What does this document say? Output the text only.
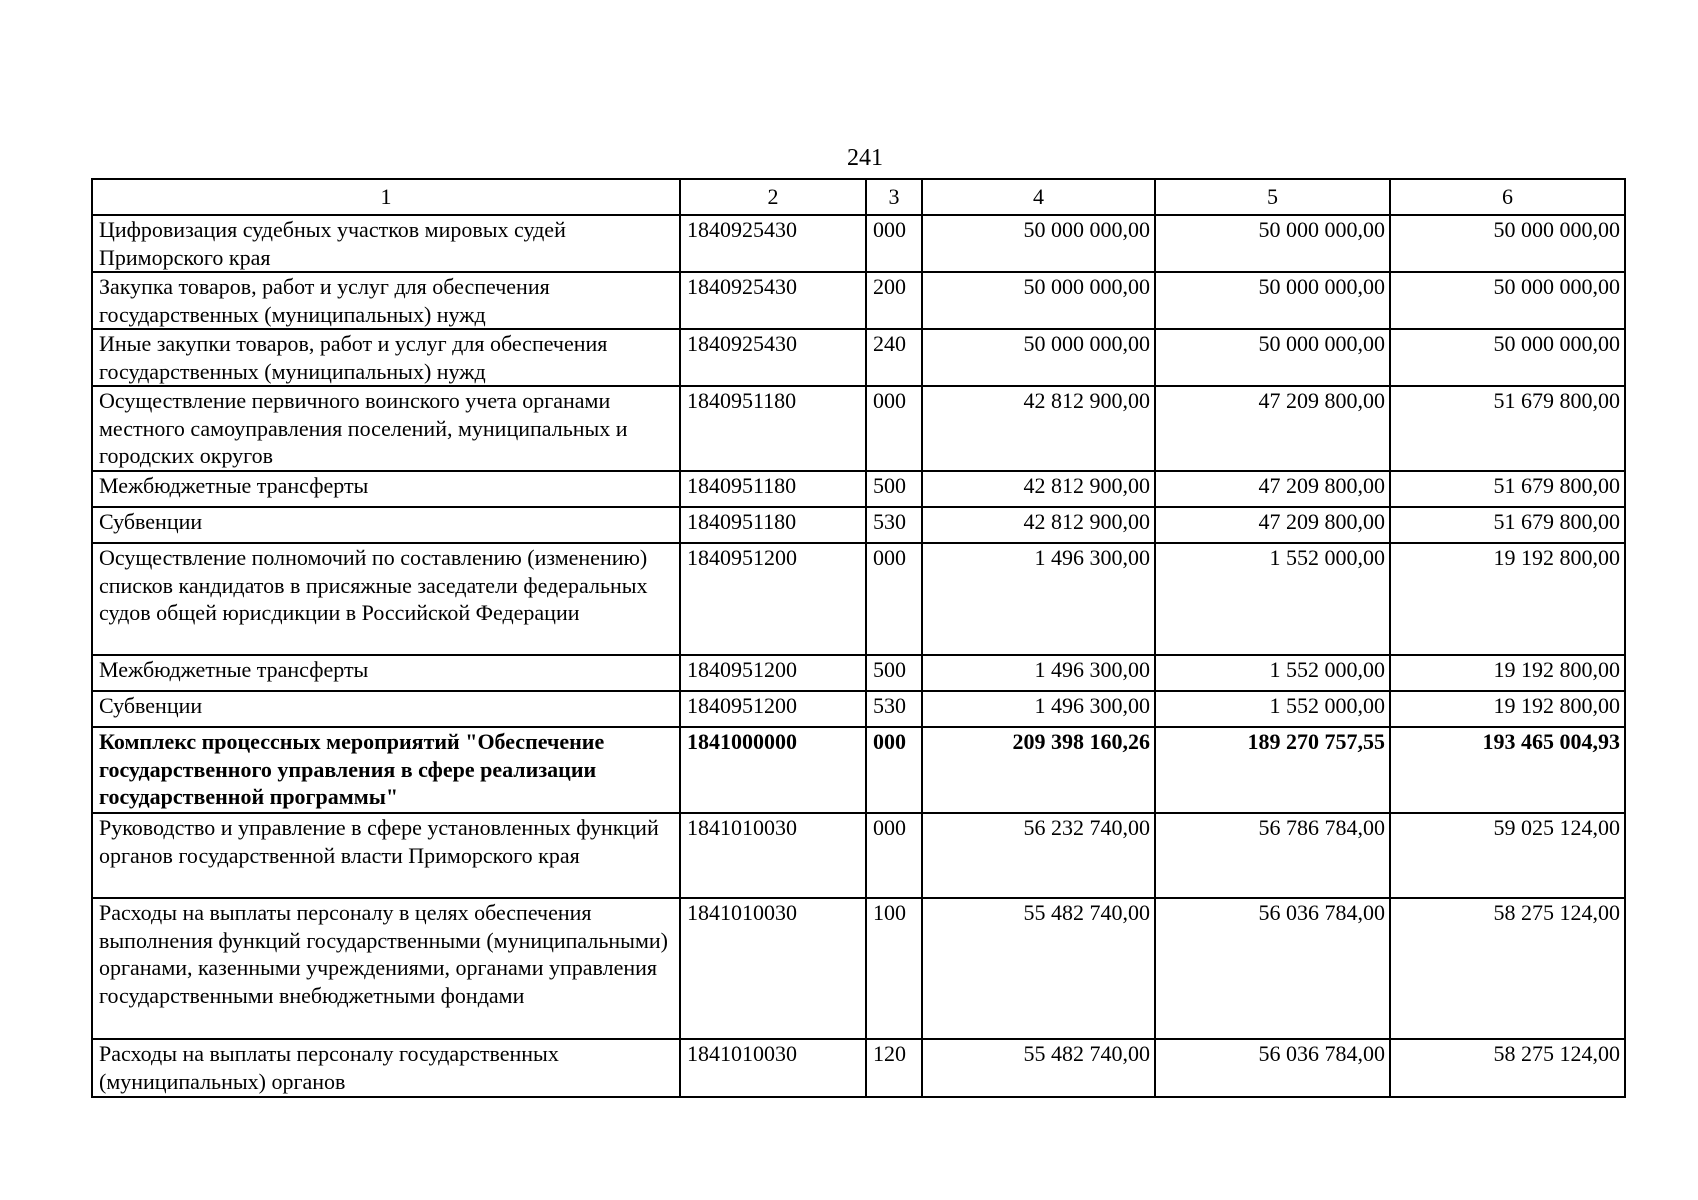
241
1	2	3	4	5	6
Цифровизация судебных участков мировых судей Приморского края	1840925430	000	50 000 000,00	50 000 000,00	50 000 000,00
Закупка товаров, работ и услуг для обеспечения государственных (муниципальных) нужд	1840925430	200	50 000 000,00	50 000 000,00	50 000 000,00
Иные закупки товаров, работ и услуг для обеспечения государственных (муниципальных) нужд	1840925430	240	50 000 000,00	50 000 000,00	50 000 000,00
Осуществление первичного воинского учета органами местного самоуправления поселений, муниципальных и городских округов	1840951180	000	42 812 900,00	47 209 800,00	51 679 800,00
Межбюджетные трансферты	1840951180	500	42 812 900,00	47 209 800,00	51 679 800,00
Субвенции	1840951180	530	42 812 900,00	47 209 800,00	51 679 800,00
Осуществление полномочий по составлению (изменению) списков кандидатов в присяжные заседатели федеральных судов общей юрисдикции в Российской Федерации	1840951200	000	1 496 300,00	1 552 000,00	19 192 800,00
Межбюджетные трансферты	1840951200	500	1 496 300,00	1 552 000,00	19 192 800,00
Субвенции	1840951200	530	1 496 300,00	1 552 000,00	19 192 800,00
Комплекс процессных мероприятий "Обеспечение государственного управления в сфере реализации государственной программы"	1841000000	000	209 398 160,26	189 270 757,55	193 465 004,93
Руководство и управление в сфере установленных функций органов государственной власти Приморского края	1841010030	000	56 232 740,00	56 786 784,00	59 025 124,00
Расходы на выплаты персоналу в целях обеспечения выполнения функций государственными (муниципальными) органами, казенными учреждениями, органами управления государственными внебюджетными фондами	1841010030	100	55 482 740,00	56 036 784,00	58 275 124,00
Расходы на выплаты персоналу государственных (муниципальных) органов	1841010030	120	55 482 740,00	56 036 784,00	58 275 124,00
